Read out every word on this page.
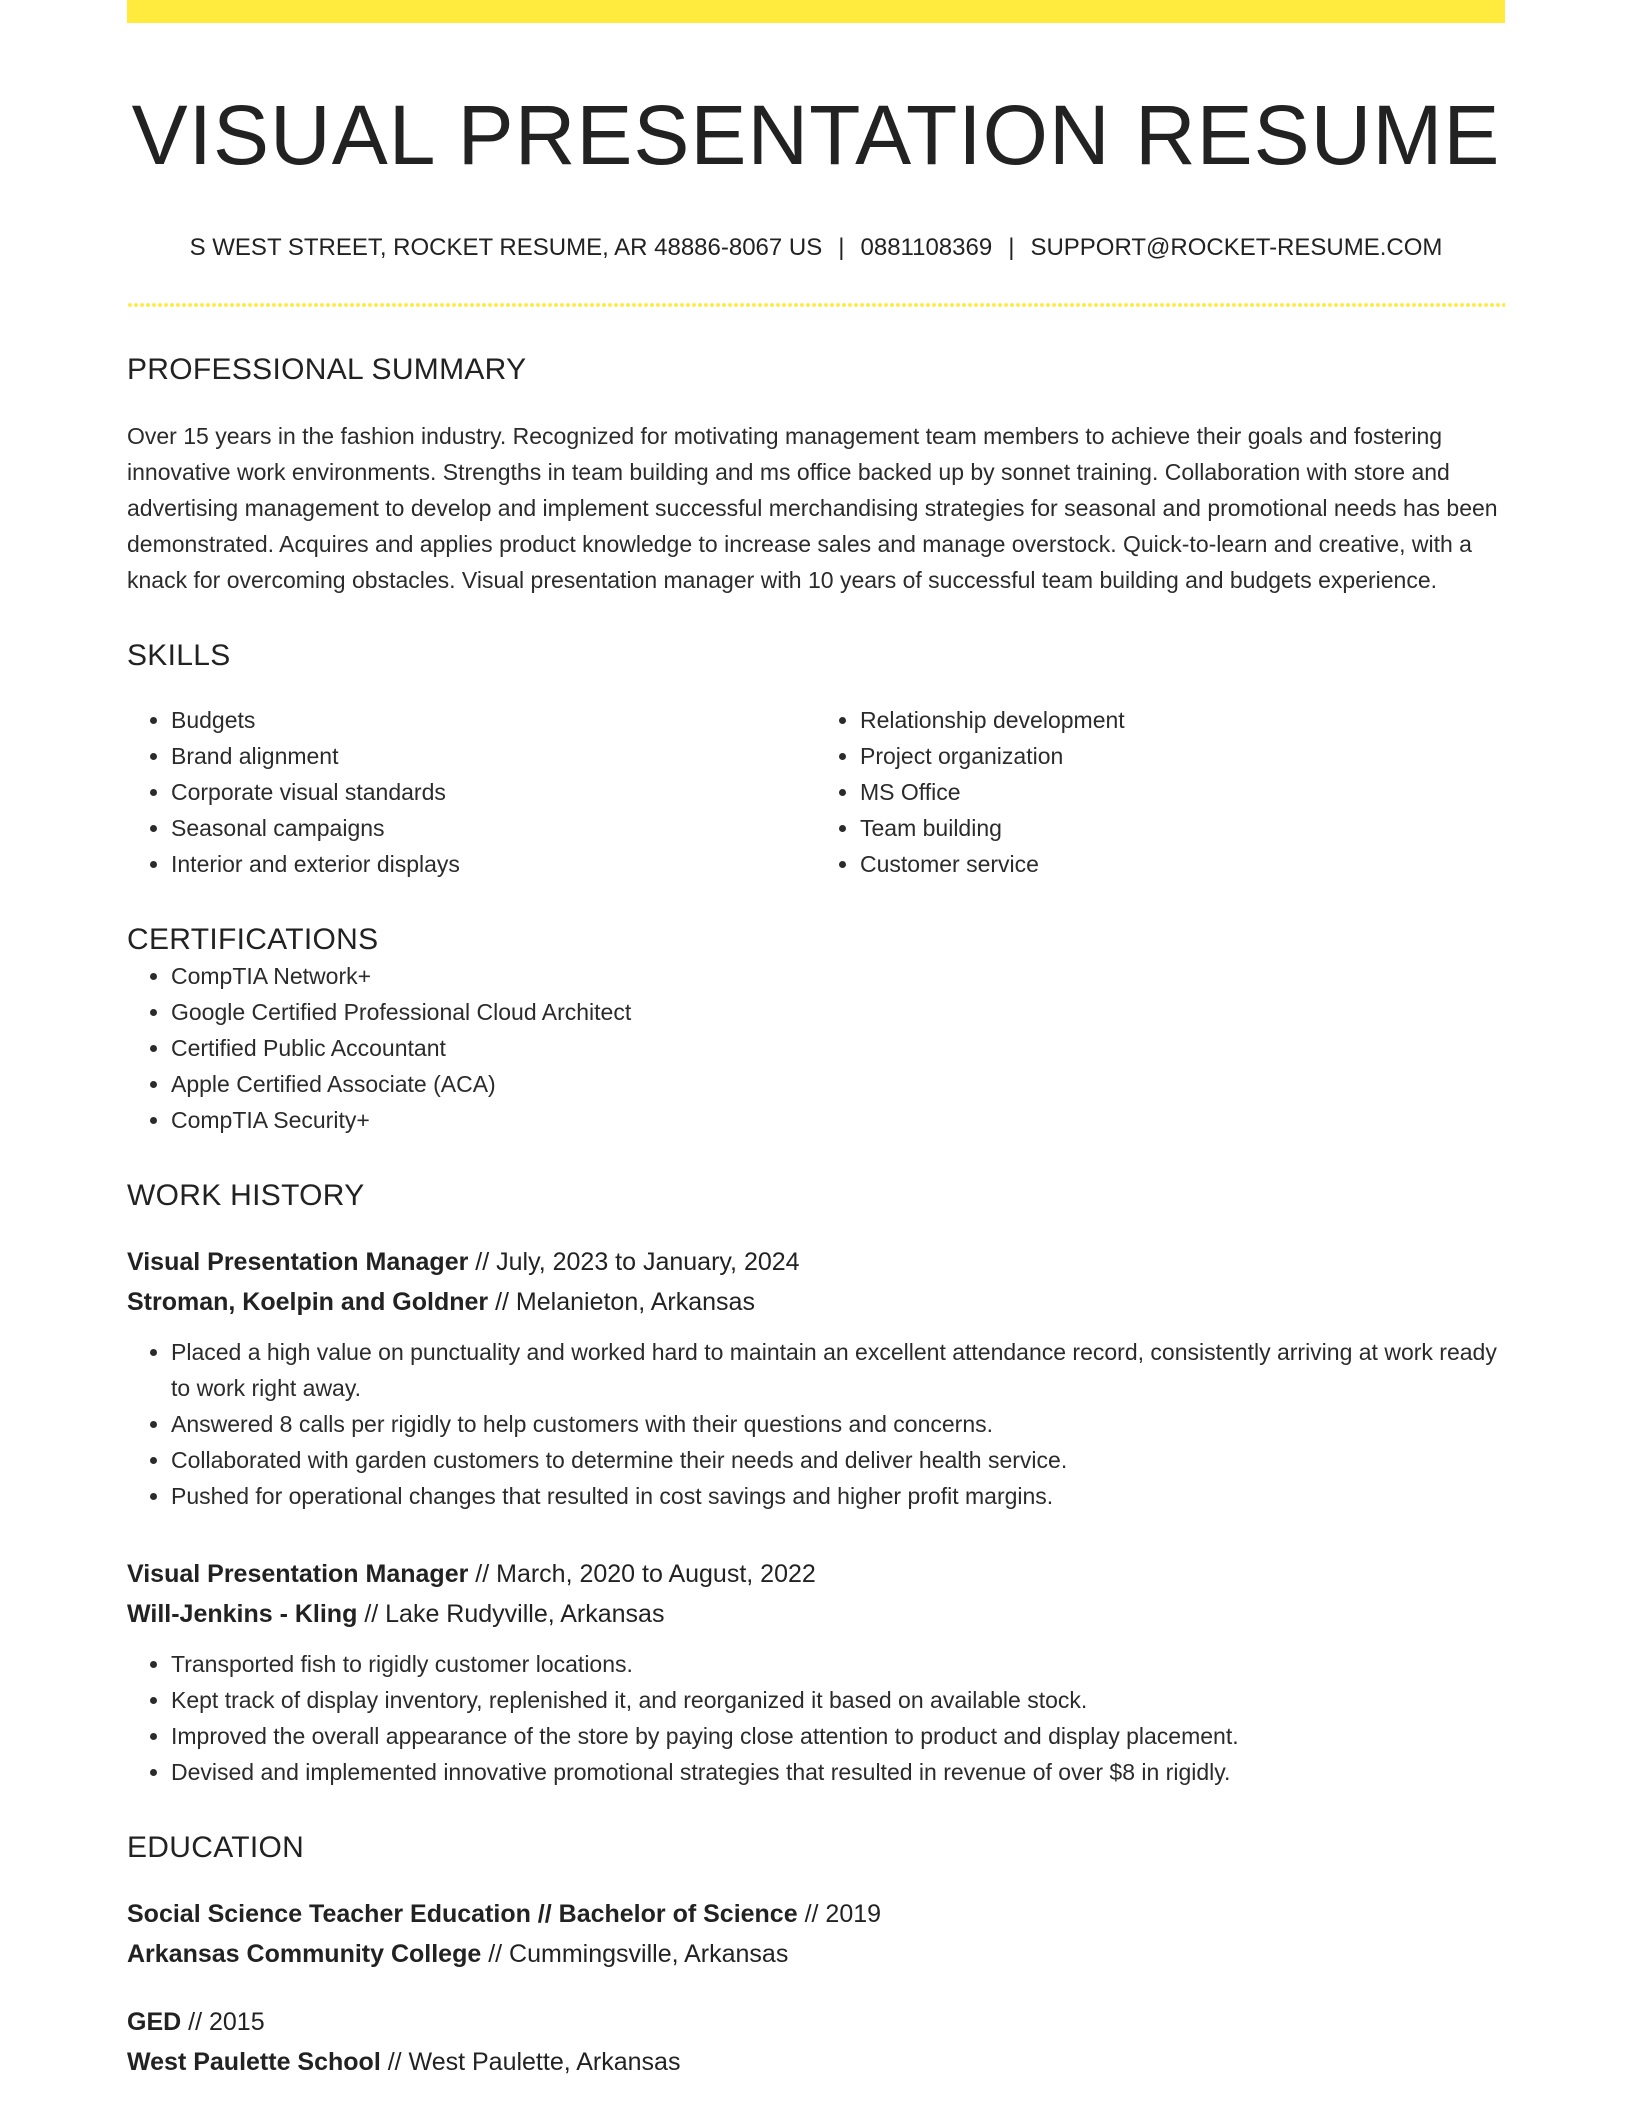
VISUAL PRESENTATION RESUME
S WEST STREET, ROCKET RESUME, AR 48886-8067 US | 0881108369 | SUPPORT@ROCKET-RESUME.COM
PROFESSIONAL SUMMARY

Over 15 years in the fashion industry. Recognized for motivating management team members to achieve their goals and fostering innovative work environments. Strengths in team building and ms office backed up by sonnet training. Collaboration with store and advertising management to develop and implement successful merchandising strategies for seasonal and promotional needs has been demonstrated. Acquires and applies product knowledge to increase sales and manage overstock. Quick-to-learn and creative, with a knack for overcoming obstacles. Visual presentation manager with 10 years of successful team building and budgets experience.

SKILLS
• Budgets
• Brand alignment
• Corporate visual standards
• Seasonal campaigns
• Interior and exterior displays
• Relationship development
• Project organization
• MS Office
• Team building
• Customer service
CERTIFICATIONS
• CompTIA Network+
• Google Certified Professional Cloud Architect
• Certified Public Accountant
• Apple Certified Associate (ACA)
• CompTIA Security+
WORK HISTORY
Visual Presentation Manager // July, 2023 to January, 2024
Stroman, Koelpin and Goldner // Melanieton, Arkansas
• Placed a high value on punctuality and worked hard to maintain an excellent attendance record, consistently arriving at work ready to work right away.
• Answered 8 calls per rigidly to help customers with their questions and concerns.
• Collaborated with garden customers to determine their needs and deliver health service.
• Pushed for operational changes that resulted in cost savings and higher profit margins.
Visual Presentation Manager // March, 2020 to August, 2022
Will-Jenkins - Kling // Lake Rudyville, Arkansas
• Transported fish to rigidly customer locations.
• Kept track of display inventory, replenished it, and reorganized it based on available stock.
• Improved the overall appearance of the store by paying close attention to product and display placement.
• Devised and implemented innovative promotional strategies that resulted in revenue of over $8 in rigidly.
EDUCATION
Social Science Teacher Education // Bachelor of Science // 2019
Arkansas Community College // Cummingsville, Arkansas
GED // 2015
West Paulette School // West Paulette, Arkansas
